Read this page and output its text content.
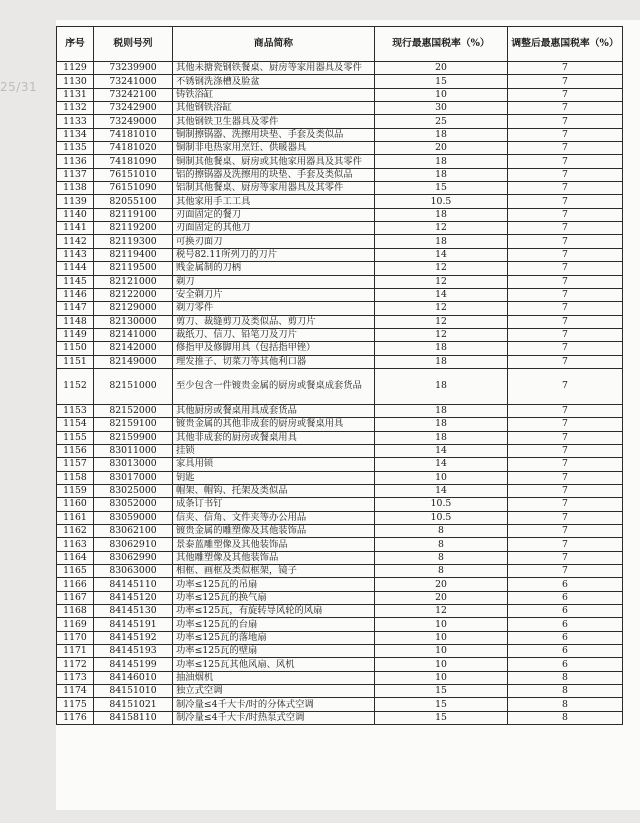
25/31
序号	税则号列	商品简称	现行最惠国税率（%）	调整后最惠国税率（%）
1129	73239900	其他未搪瓷钢铁餐桌、厨房等家用器具及零件	20	7
1130	73241000	不锈钢洗涤槽及脸盆	15	7
1131	73242100	铸铁浴缸	10	7
1132	73242900	其他钢铁浴缸	30	7
1133	73249000	其他钢铁卫生器具及零件	25	7
1134	74181010	铜制擦锅器、洗擦用块垫、手套及类似品	18	7
1135	74181020	铜制非电热家用烹饪、供暖器具	20	7
1136	74181090	铜制其他餐桌、厨房或其他家用器具及其零件	18	7
1137	76151010	铝的擦锅器及洗擦用的块垫、手套及类似品	18	7
1138	76151090	铝制其他餐桌、厨房等家用器具及其零件	15	7
1139	82055100	其他家用手工工具	10.5	7
1140	82119100	刃面固定的餐刀	18	7
1141	82119200	刃面固定的其他刀	12	7
1142	82119300	可换刃面刀	18	7
1143	82119400	税号82.11所列刀的刀片	14	7
1144	82119500	贱金属制的刀柄	12	7
1145	82121000	剃刀	12	7
1146	82122000	安全剃刀片	14	7
1147	82129000	剃刀零件	12	7
1148	82130000	剪刀、裁缝剪刀及类似品、剪刀片	12	7
1149	82141000	裁纸刀、信刀、铅笔刀及刀片	12	7
1150	82142000	修指甲及修脚用具（包括指甲锉）	18	7
1151	82149000	理发推子、切菜刀等其他利口器	18	7
1152	82151000	至少包含一件镀贵金属的厨房或餐桌成套货品	18	7
1153	82152000	其他厨房或餐桌用具成套货品	18	7
1154	82159100	镀贵金属的其他非成套的厨房或餐桌用具	18	7
1155	82159900	其他非成套的厨房或餐桌用具	18	7
1156	83011000	挂锁	14	7
1157	83013000	家具用锁	14	7
1158	83017000	钥匙	10	7
1159	83025000	帽架、帽钩、托架及类似品	14	7
1160	83052000	成条订书钉	10.5	7
1161	83059000	信夹、信角、文件夹等办公用品	10.5	7
1162	83062100	镀贵金属的雕塑像及其他装饰品	8	7
1163	83062910	景泰蓝雕塑像及其他装饰品	8	7
1164	83062990	其他雕塑像及其他装饰品	8	7
1165	83063000	相框、画框及类似框架，镜子	8	7
1166	84145110	功率≤125瓦的吊扇	20	6
1167	84145120	功率≤125瓦的换气扇	20	6
1168	84145130	功率≤125瓦，有旋转导风轮的风扇	12	6
1169	84145191	功率≤125瓦的台扇	10	6
1170	84145192	功率≤125瓦的落地扇	10	6
1171	84145193	功率≤125瓦的壁扇	10	6
1172	84145199	功率≤125瓦其他风扇、风机	10	6
1173	84146010	抽油烟机	10	8
1174	84151010	独立式空调	15	8
1175	84151021	制冷量≤4千大卡/时的分体式空调	15	8
1176	84158110	制冷量≤4千大卡/时热泵式空调	15	8
